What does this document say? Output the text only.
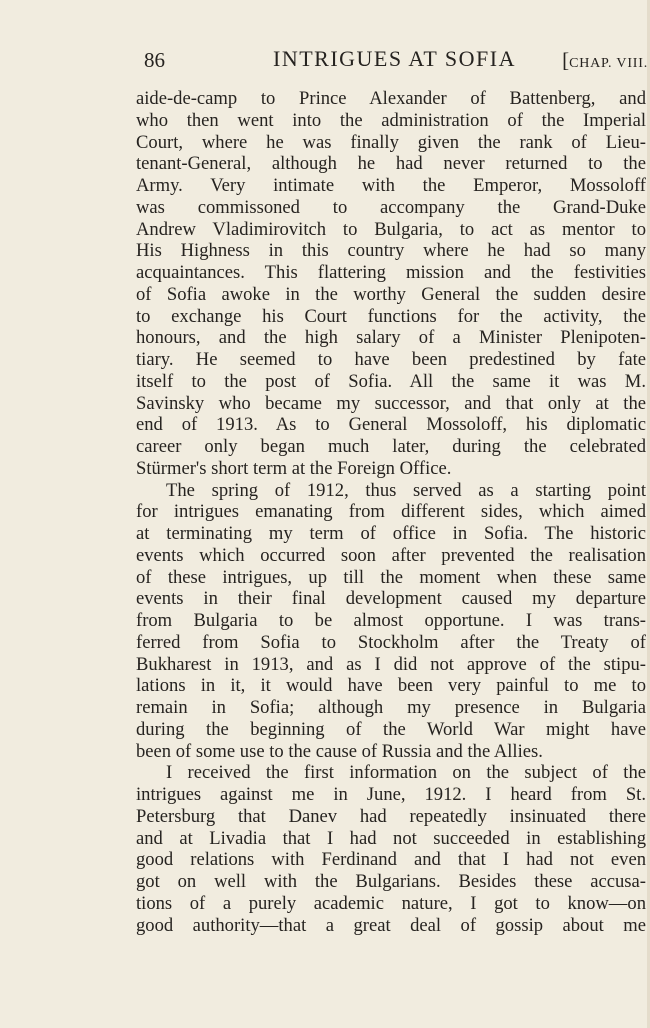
86	INTRIGUES AT SOFIA [CHAP. VIII.
aide-de-camp to Prince Alexander of Battenberg, and
who then went into the administration of the Imperial
Court, where he was finally given the rank of Lieu-
tenant-General, although he had never returned to the
Army. Very intimate with the Emperor, Mossoloff
was commissoned to accompany the Grand-Duke
Andrew Vladimirovitch to Bulgaria, to act as mentor to
His Highness in this country where he had so many
acquaintances. This flattering mission and the festivities
of Sofia awoke in the worthy General the sudden desire
to exchange his Court functions for the activity, the
honours, and the high salary of a Minister Plenipoten-
tiary. He seemed to have been predestined by fate
itself to the post of Sofia. All the same it was M.
Savinsky who became my successor, and that only at the
end of 1913. As to General Mossoloff, his diplomatic
career only began much later, during the celebrated
Stürmer's short term at the Foreign Office.
The spring of 1912, thus served as a starting point
for intrigues emanating from different sides, which aimed
at terminating my term of office in Sofia. The historic
events which occurred soon after prevented the realisation
of these intrigues, up till the moment when these same
events in their final development caused my departure
from Bulgaria to be almost opportune. I was trans-
ferred from Sofia to Stockholm after the Treaty of
Bukharest in 1913, and as I did not approve of the stipu-
lations in it, it would have been very painful to me to
remain in Sofia; although my presence in Bulgaria
during the beginning of the World War might have
been of some use to the cause of Russia and the Allies.
I received the first information on the subject of the
intrigues against me in June, 1912. I heard from St.
Petersburg that Danev had repeatedly insinuated there
and at Livadia that I had not succeeded in establishing
good relations with Ferdinand and that I had not even
got on well with the Bulgarians. Besides these accusa-
tions of a purely academic nature, I got to know—on
good authority—that a great deal of gossip about me
